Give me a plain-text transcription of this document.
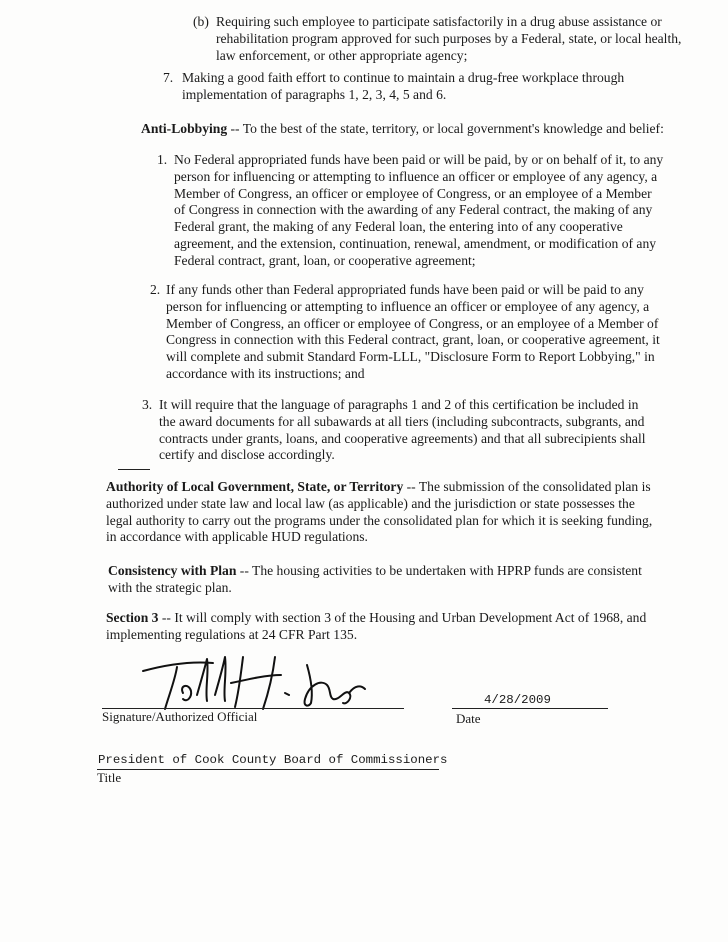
(b) Requiring such employee to participate satisfactorily in a drug abuse assistance or rehabilitation program approved for such purposes by a Federal, state, or local health, law enforcement, or other appropriate agency;

7. Making a good faith effort to continue to maintain a drug-free workplace through implementation of paragraphs 1, 2, 3, 4, 5 and 6.

Anti-Lobbying -- To the best of the state, territory, or local government's knowledge and belief:

1. No Federal appropriated funds have been paid or will be paid, by or on behalf of it, to any person for influencing or attempting to influence an officer or employee of any agency, a Member of Congress, an officer or employee of Congress, or an employee of a Member of Congress in connection with the awarding of any Federal contract, the making of any Federal grant, the making of any Federal loan, the entering into of any cooperative agreement, and the extension, continuation, renewal, amendment, or modification of any Federal contract, grant, loan, or cooperative agreement;

2. If any funds other than Federal appropriated funds have been paid or will be paid to any person for influencing or attempting to influence an officer or employee of any agency, a Member of Congress, an officer or employee of Congress, or an employee of a Member of Congress in connection with this Federal contract, grant, loan, or cooperative agreement, it will complete and submit Standard Form-LLL, "Disclosure Form to Report Lobbying," in accordance with its instructions; and

3. It will require that the language of paragraphs 1 and 2 of this certification be included in the award documents for all subawards at all tiers (including subcontracts, subgrants, and contracts under grants, loans, and cooperative agreements) and that all subrecipients shall certify and disclose accordingly.

Authority of Local Government, State, or Territory -- The submission of the consolidated plan is authorized under state law and local law (as applicable) and the jurisdiction or state possesses the legal authority to carry out the programs under the consolidated plan for which it is seeking funding, in accordance with applicable HUD regulations.

Consistency with Plan -- The housing activities to be undertaken with HPRP funds are consistent with the strategic plan.

Section 3 -- It will comply with section 3 of the Housing and Urban Development Act of 1968, and implementing regulations at 24 CFR Part 135.

4/28/2009
Signature/Authorized Official	Date
President of Cook County Board of Commissioners
Title
